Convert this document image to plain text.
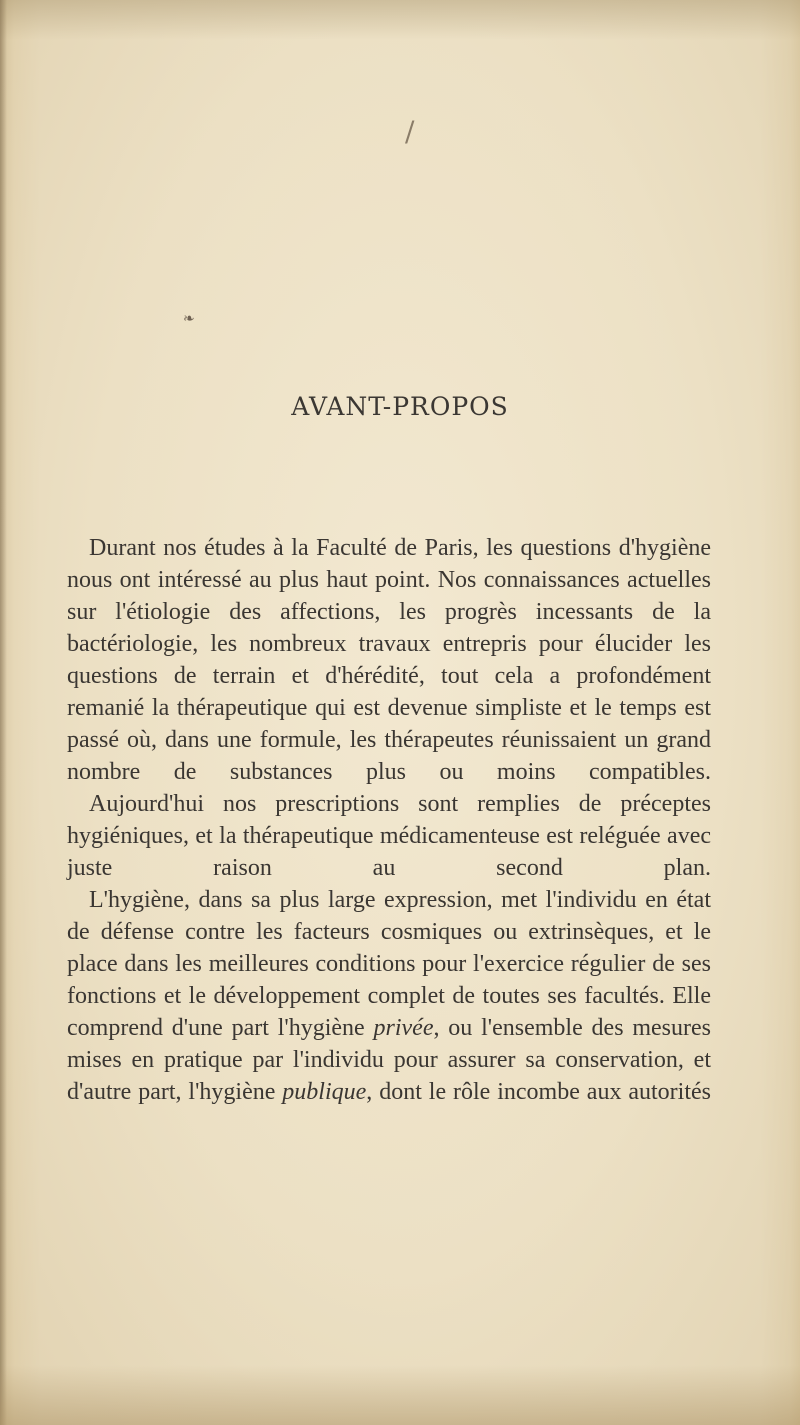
❧
/
AVANT-PROPOS

Durant nos études à la Faculté de Paris, les questions d'hygiène nous ont intéressé au plus haut point. Nos connaissances actuelles sur l'étiologie des affections, les progrès incessants de la bactériologie, les nombreux travaux entrepris pour élucider les questions de terrain et d'hérédité, tout cela a profondément remanié la thérapeutique qui est devenue simpliste et le temps est passé où, dans une formule, les thérapeutes réunissaient un grand nombre de substances plus ou moins compatibles.

Aujourd'hui nos prescriptions sont remplies de préceptes hygiéniques, et la thérapeutique médicamenteuse est reléguée avec juste raison au second plan.

L'hygiène, dans sa plus large expression, met l'individu en état de défense contre les facteurs cosmiques ou extrinsèques, et le place dans les meilleures conditions pour l'exercice régulier de ses fonctions et le développement complet de toutes ses facultés. Elle comprend d'une part l'hygiène privée, ou l'ensemble des mesures mises en pratique par l'individu pour assurer sa conservation, et d'autre part, l'hygiène publique, dont le rôle incombe aux autorités
